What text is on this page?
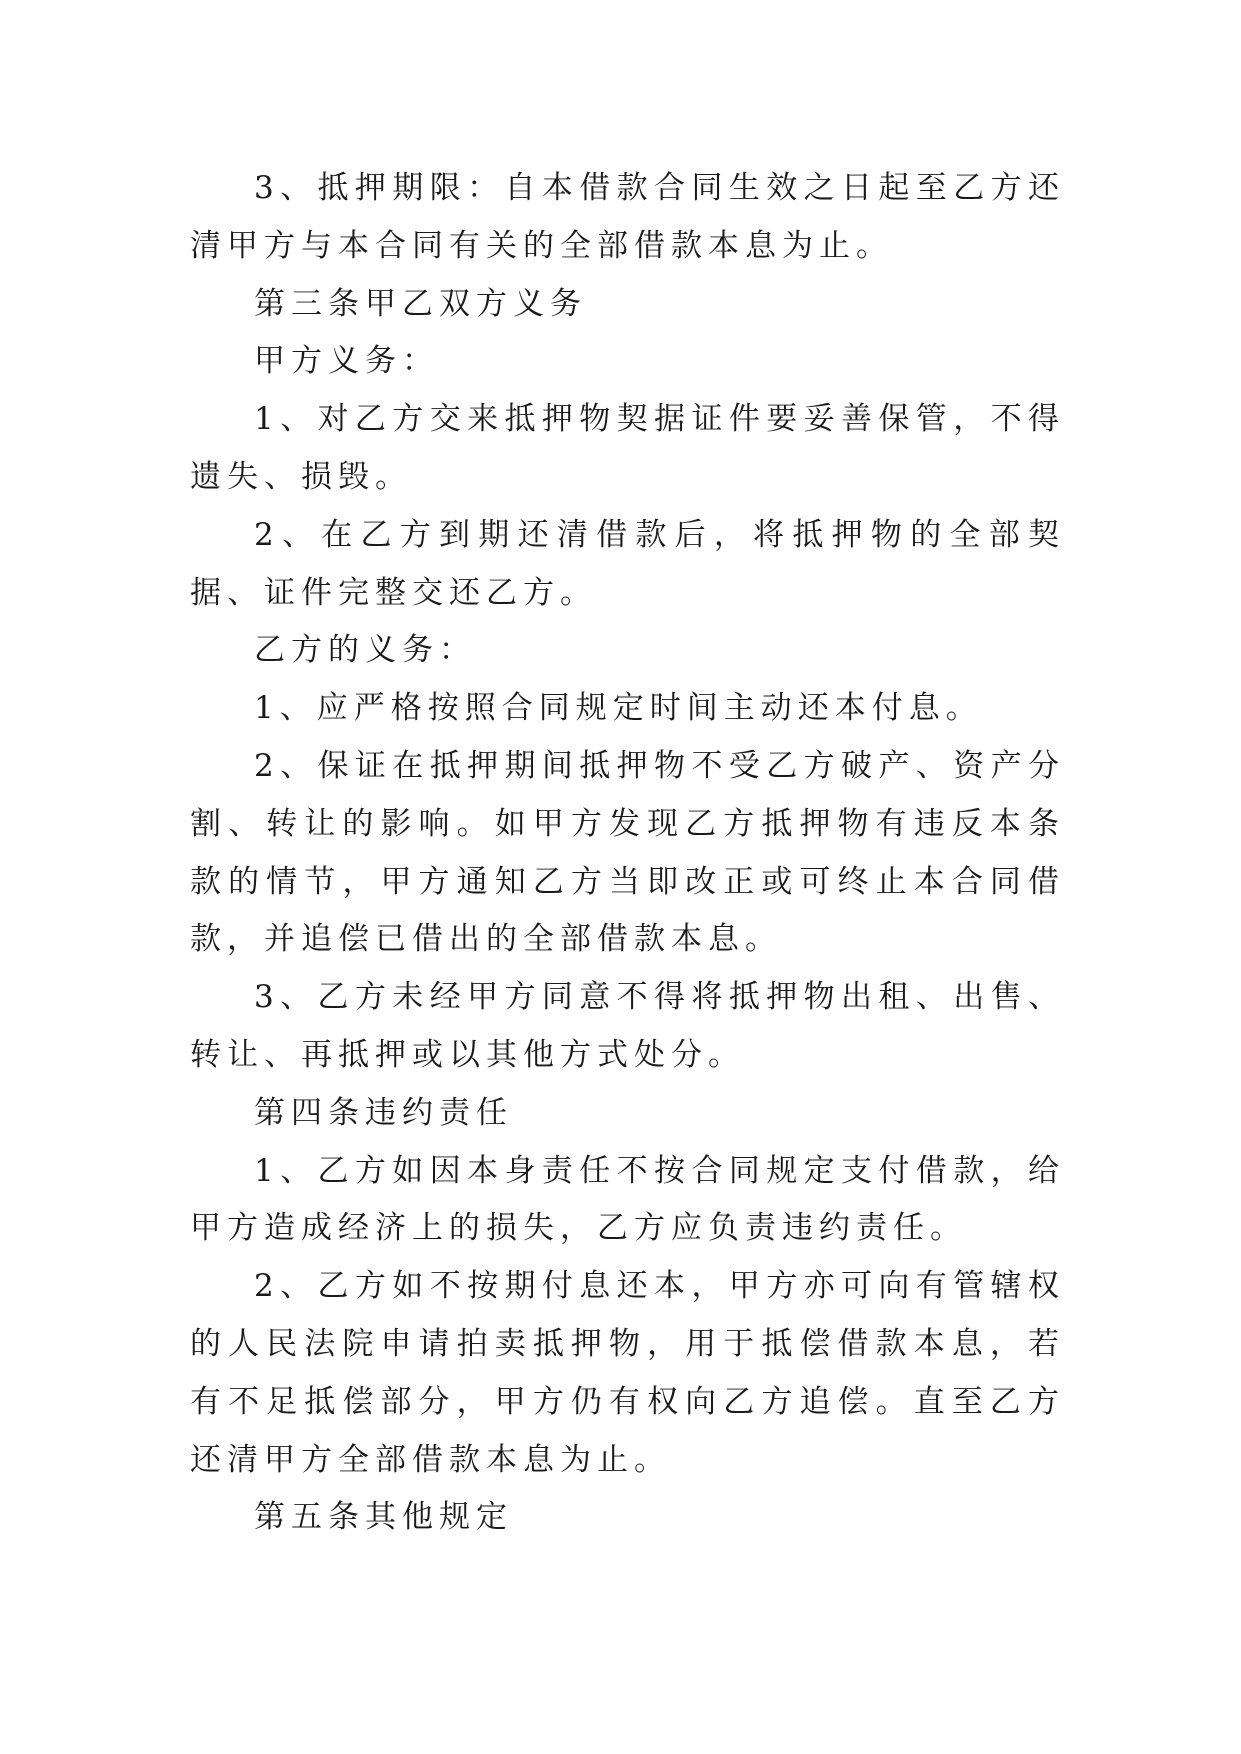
3、抵押期限：自本借款合同生效之日起至乙方还清甲方与本合同有关的全部借款本息为止。

第三条甲乙双方义务

甲方义务：

1、对乙方交来抵押物契据证件要妥善保管，不得遗失、损毁。

2、在乙方到期还清借款后，将抵押物的全部契据、证件完整交还乙方。

乙方的义务：

1、应严格按照合同规定时间主动还本付息。

2、保证在抵押期间抵押物不受乙方破产、资产分割、转让的影响。如甲方发现乙方抵押物有违反本条款的情节，甲方通知乙方当即改正或可终止本合同借款，并追偿已借出的全部借款本息。

3、乙方未经甲方同意不得将抵押物出租、出售、转让、再抵押或以其他方式处分。

第四条违约责任

1、乙方如因本身责任不按合同规定支付借款，给甲方造成经济上的损失，乙方应负责违约责任。

2、乙方如不按期付息还本，甲方亦可向有管辖权的人民法院申请拍卖抵押物，用于抵偿借款本息，若有不足抵偿部分，甲方仍有权向乙方追偿。直至乙方还清甲方全部借款本息为止。

第五条其他规定
